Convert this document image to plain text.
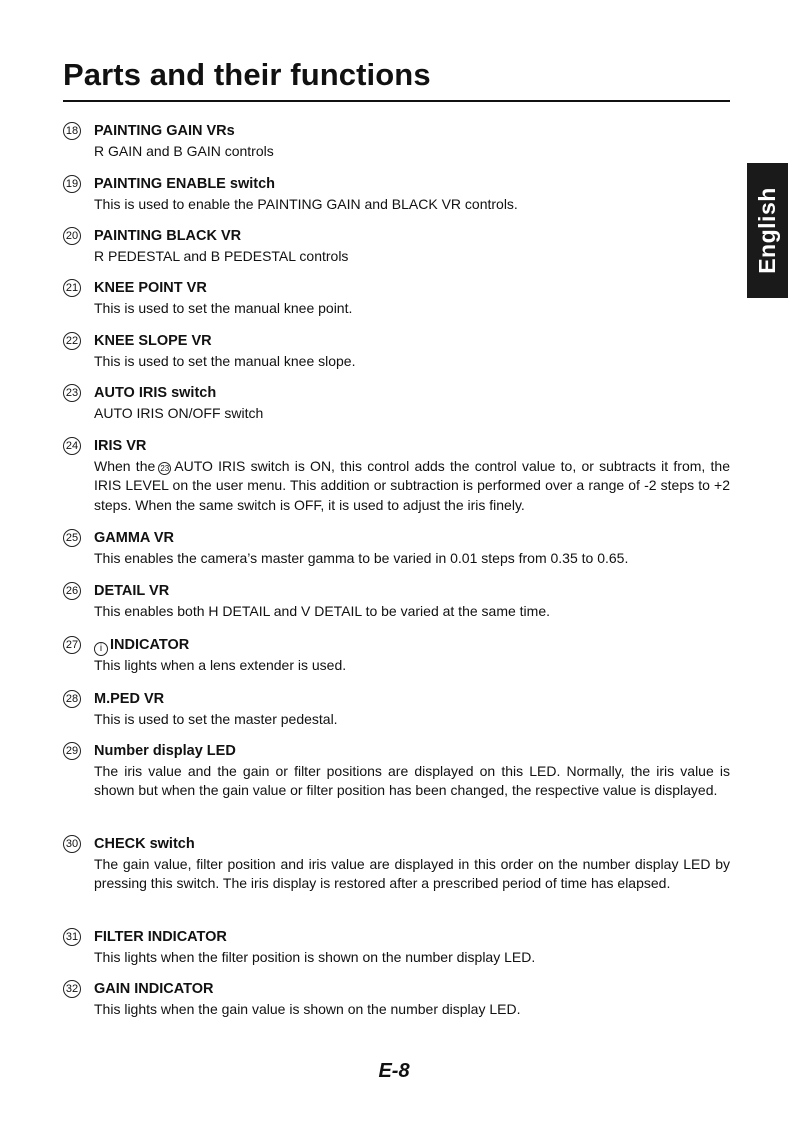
Parts and their functions
English
18 PAINTING GAIN VRs
R GAIN and B GAIN controls
19 PAINTING ENABLE switch
This is used to enable the PAINTING GAIN and BLACK VR controls.
20 PAINTING BLACK VR
R PEDESTAL and B PEDESTAL controls
21 KNEE POINT VR
This is used to set the manual knee point.
22 KNEE SLOPE VR
This is used to set the manual knee slope.
23 AUTO IRIS switch
AUTO IRIS ON/OFF switch
24 IRIS VR
When the 23 AUTO IRIS switch is ON, this control adds the control value to, or subtracts it from, the IRIS LEVEL on the user menu. This addition or subtraction is performed over a range of -2 steps to +2 steps. When the same switch is OFF, it is used to adjust the iris finely.
25 GAMMA VR
This enables the camera’s master gamma to be varied in 0.01 steps from 0.35 to 0.65.
26 DETAIL VR
This enables both H DETAIL and V DETAIL to be varied at the same time.
27	i INDICATOR
This lights when a lens extender is used.
28 M.PED VR
This is used to set the master pedestal.
29 Number display LED
The iris value and the gain or filter positions are displayed on this LED. Normally, the iris value is shown but when the gain value or filter position has been changed, the respective value is displayed.
30 CHECK switch
The gain value, filter position and iris value are displayed in this order on the number display LED by pressing this switch. The iris display is restored after a prescribed period of time has elapsed.
31 FILTER INDICATOR
This lights when the filter position is shown on the number display LED.
32 GAIN INDICATOR
This lights when the gain value is shown on the number display LED.
E-8
